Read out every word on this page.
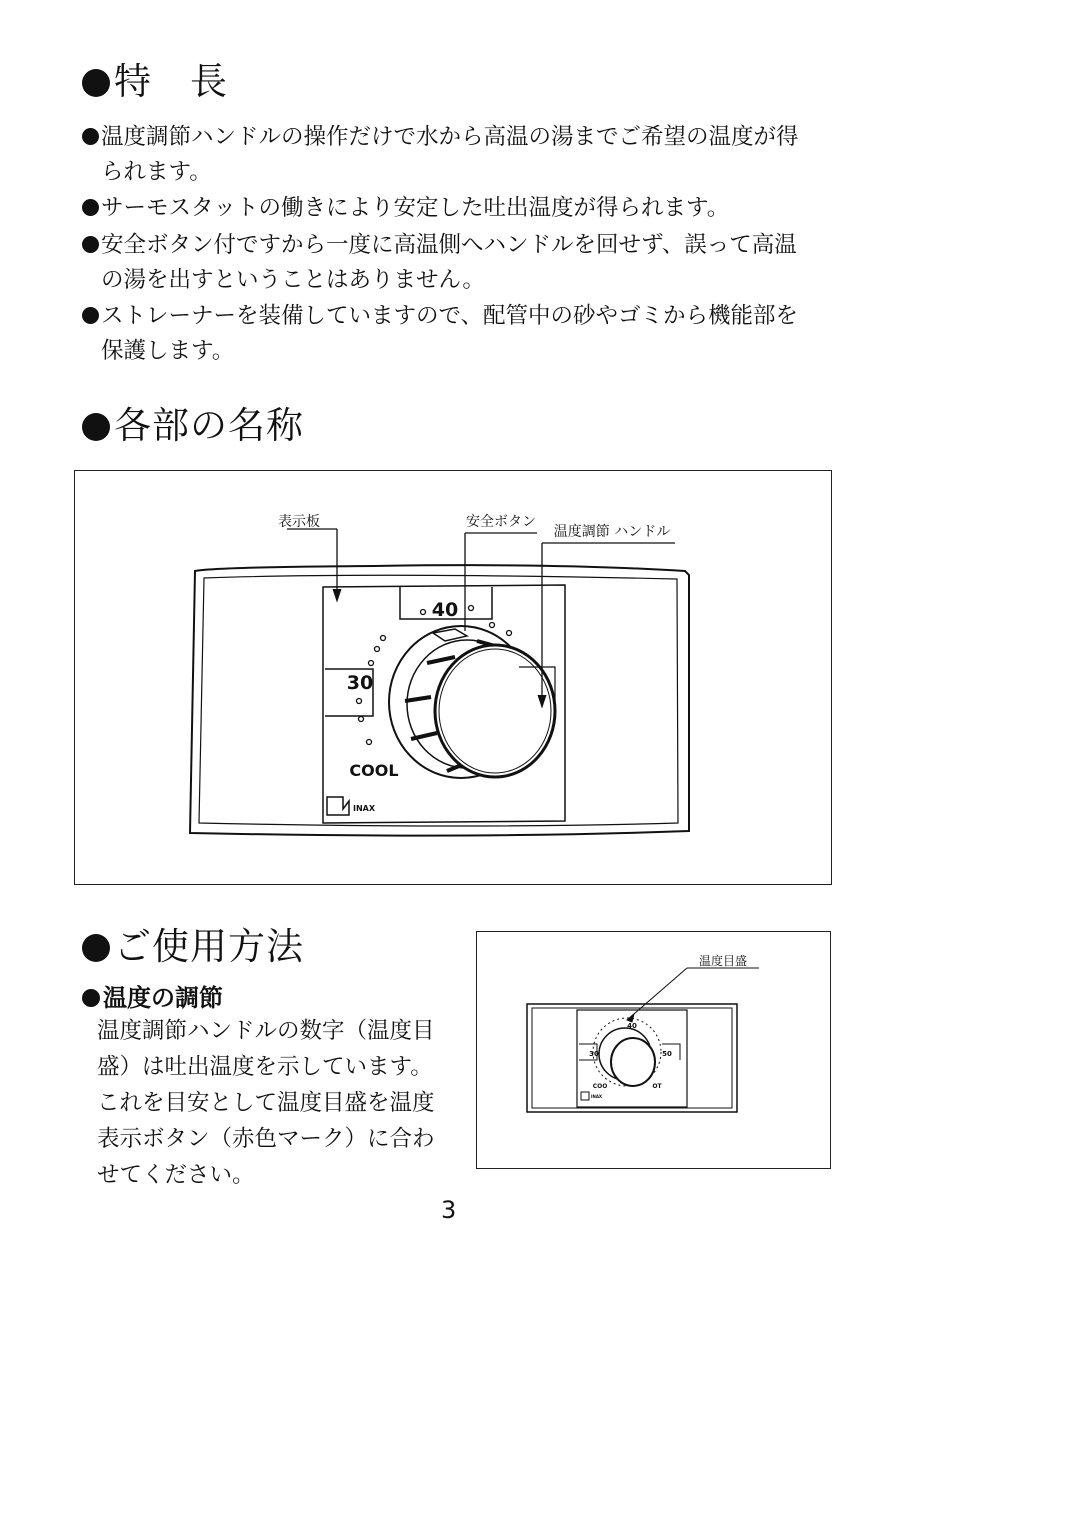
特　長
温度調節ハンドルの操作だけで水から高温の湯までご希望の温度が得
られます。
サーモスタットの働きにより安定した吐出温度が得られます。
安全ボタン付ですから一度に高温側へハンドルを回せず、誤って高温
の湯を出すということはありません。
ストレーナーを装備していますので、配管中の砂やゴミから機能部を
保護します。
各部の名称
表示板	安全ボタン
温度調節 ハンドル
40
30
COOL
INAX
ご使用方法
温度の調節
温度調節ハンドルの数字（温度目
盛）は吐出温度を示しています。
これを目安として温度目盛を温度
表示ボタン（赤色マーク）に合わ
せてください。
温度目盛
40
30	50
COO	OT
INAX
3
